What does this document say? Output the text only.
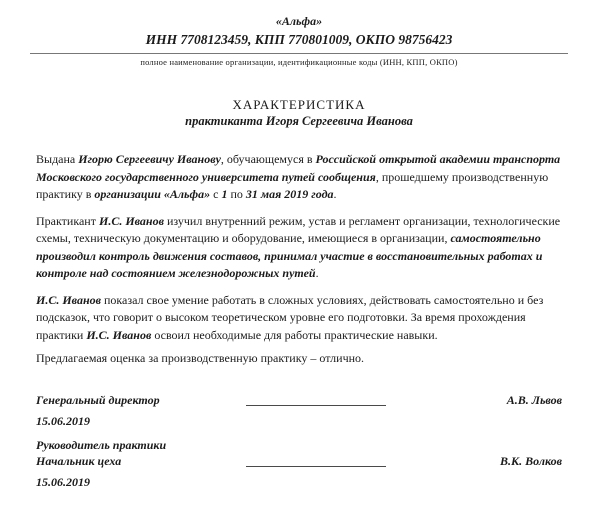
«Альфа»
ИНН 7708123459, КПП 770801009, ОКПО 98756423
полное наименование организации, идентификационные коды (ИНН, КПП, ОКПО)
ХАРАКТЕРИСТИКА
практиканта Игоря Сергеевича Иванова

Выдана Игорю Сергеевичу Иванову, обучающемуся в Российской открытой академии транспорта Московского государственного университета путей сообщения, прошедшему производственную практику в организации «Альфа» с 1 по 31 мая 2019 года.

Практикант И.С. Иванов изучил внутренний режим, устав и регламент организации, технологические схемы, техническую документацию и оборудование, имеющиеся в организации, самостоятельно производил контроль движения составов, принимал участие в восстановительных работах и контроле над состоянием железнодорожных путей.

И.С. Иванов показал свое умение работать в сложных условиях, действовать самостоятельно и без подсказок, что говорит о высоком теоретическом уровне его подготовки. За время прохождения практики И.С. Иванов освоил необходимые для работы практические навыки.

Предлагаемая оценка за производственную практику – отлично.

Генеральный директор	А.В. Львов
15.06.2019
Руководитель практики
Начальник цеха	В.К. Волков
15.06.2019
